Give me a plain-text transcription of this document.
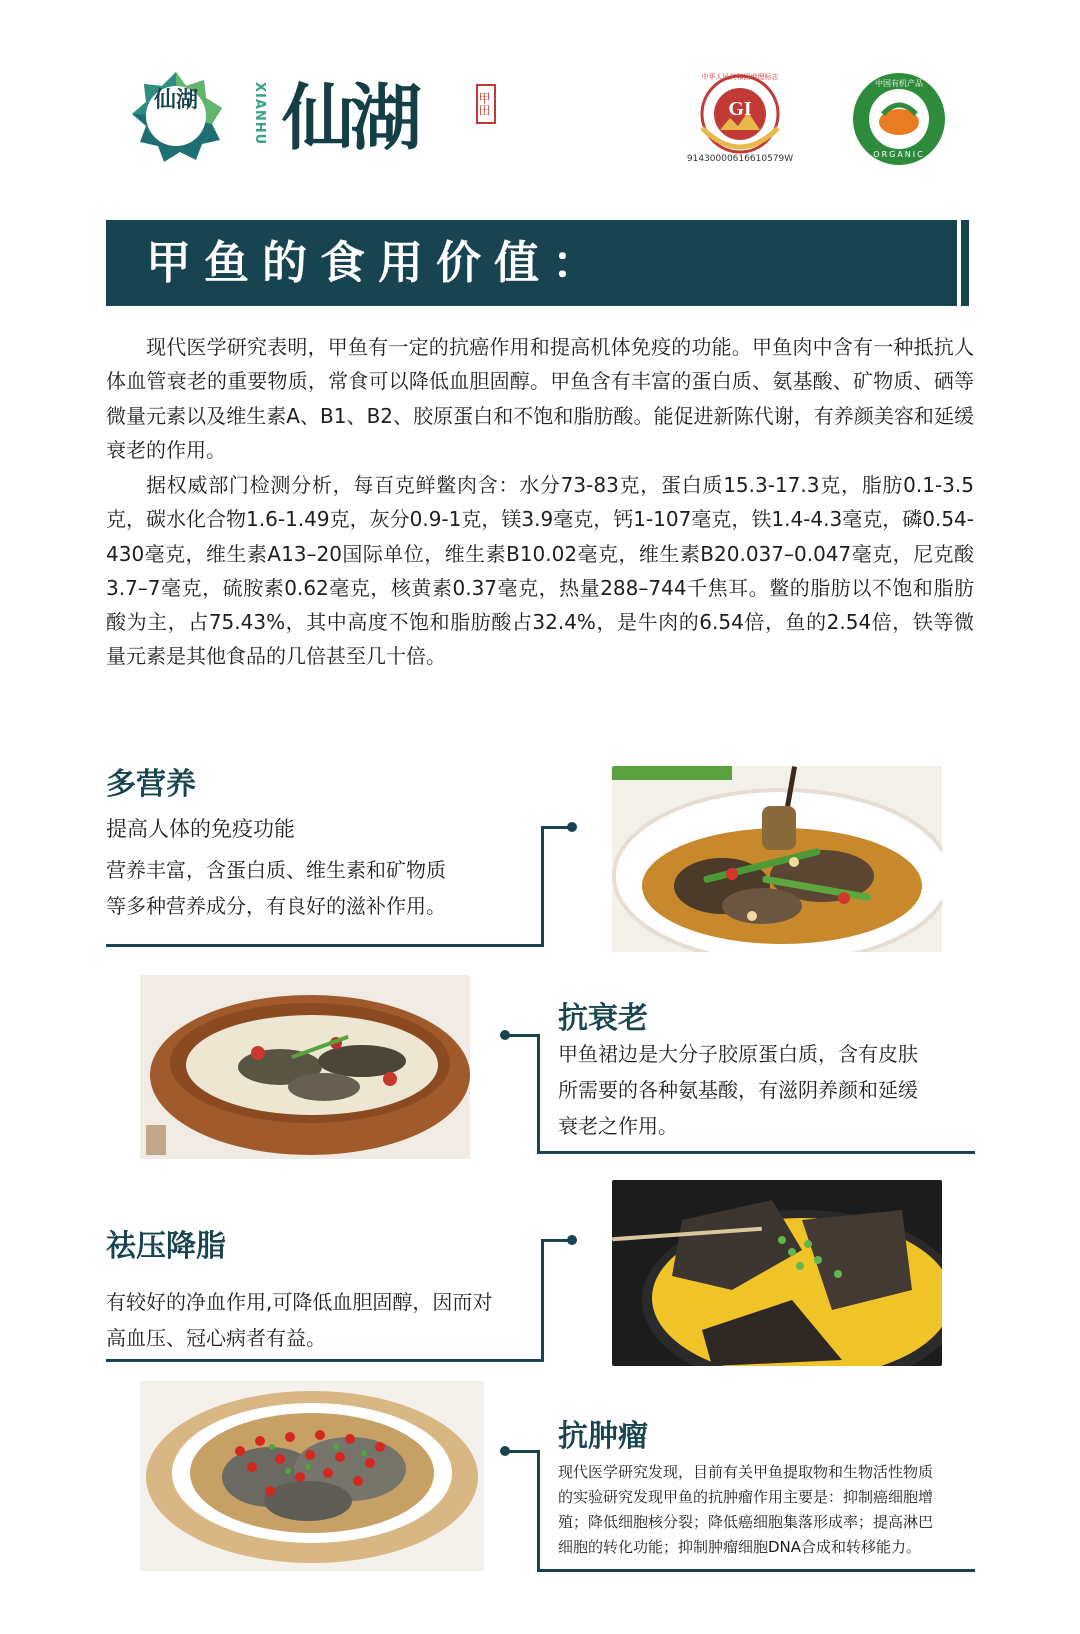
仙湖	XIANHU 仙湖	甲田	GI
中华人民共和国地理标志
91430000616610579W
中国有机产品
ORGANIC
甲鱼的食用价值：

现代医学研究表明，甲鱼有一定的抗癌作用和提高机体免疫的功能。甲鱼肉中含有一种抵抗人体血管衰老的重要物质，常食可以降低血胆固醇。甲鱼含有丰富的蛋白质、氨基酸、矿物质、硒等微量元素以及维生素A、B1、B2、胶原蛋白和不饱和脂肪酸。能促进新陈代谢，有养颜美容和延缓衰老的作用。

据权威部门检测分析，每百克鲜鳖肉含：水分73-83克，蛋白质15.3-17.3克，脂肪0.1-3.5克，碳水化合物1.6-1.49克，灰分0.9-1克，镁3.9毫克，钙1-107毫克，铁1.4-4.3毫克，磷0.54-430毫克，维生素A13–20国际单位，维生素B10.02毫克，维生素B20.037–0.047毫克，尼克酸3.7–7毫克，硫胺素0.62毫克，核黄素0.37毫克，热量288–744千焦耳。鳖的脂肪以不饱和脂肪酸为主，占75.43%，其中高度不饱和脂肪酸占32.4%，是牛肉的6.54倍，鱼的2.54倍，铁等微量元素是其他食品的几倍甚至几十倍。

多营养
提高人体的免疫功能

营养丰富，含蛋白质、维生素和矿物质

等多种营养成分，有良好的滋补作用。

抗衰老

甲鱼裙边是大分子胶原蛋白质，含有皮肤

所需要的各种氨基酸，有滋阴养颜和延缓

衰老之作用。

祛压降脂

有较好的净血作用,可降低血胆固醇，因而对

高血压、冠心病者有益。

抗肿瘤

现代医学研究发现，目前有关甲鱼提取物和生物活性物质

的实验研究发现甲鱼的抗肿瘤作用主要是：抑制癌细胞增

殖；降低细胞核分裂；降低癌细胞集落形成率；提高淋巴

细胞的转化功能；抑制肿瘤细胞DNA合成和转移能力。
